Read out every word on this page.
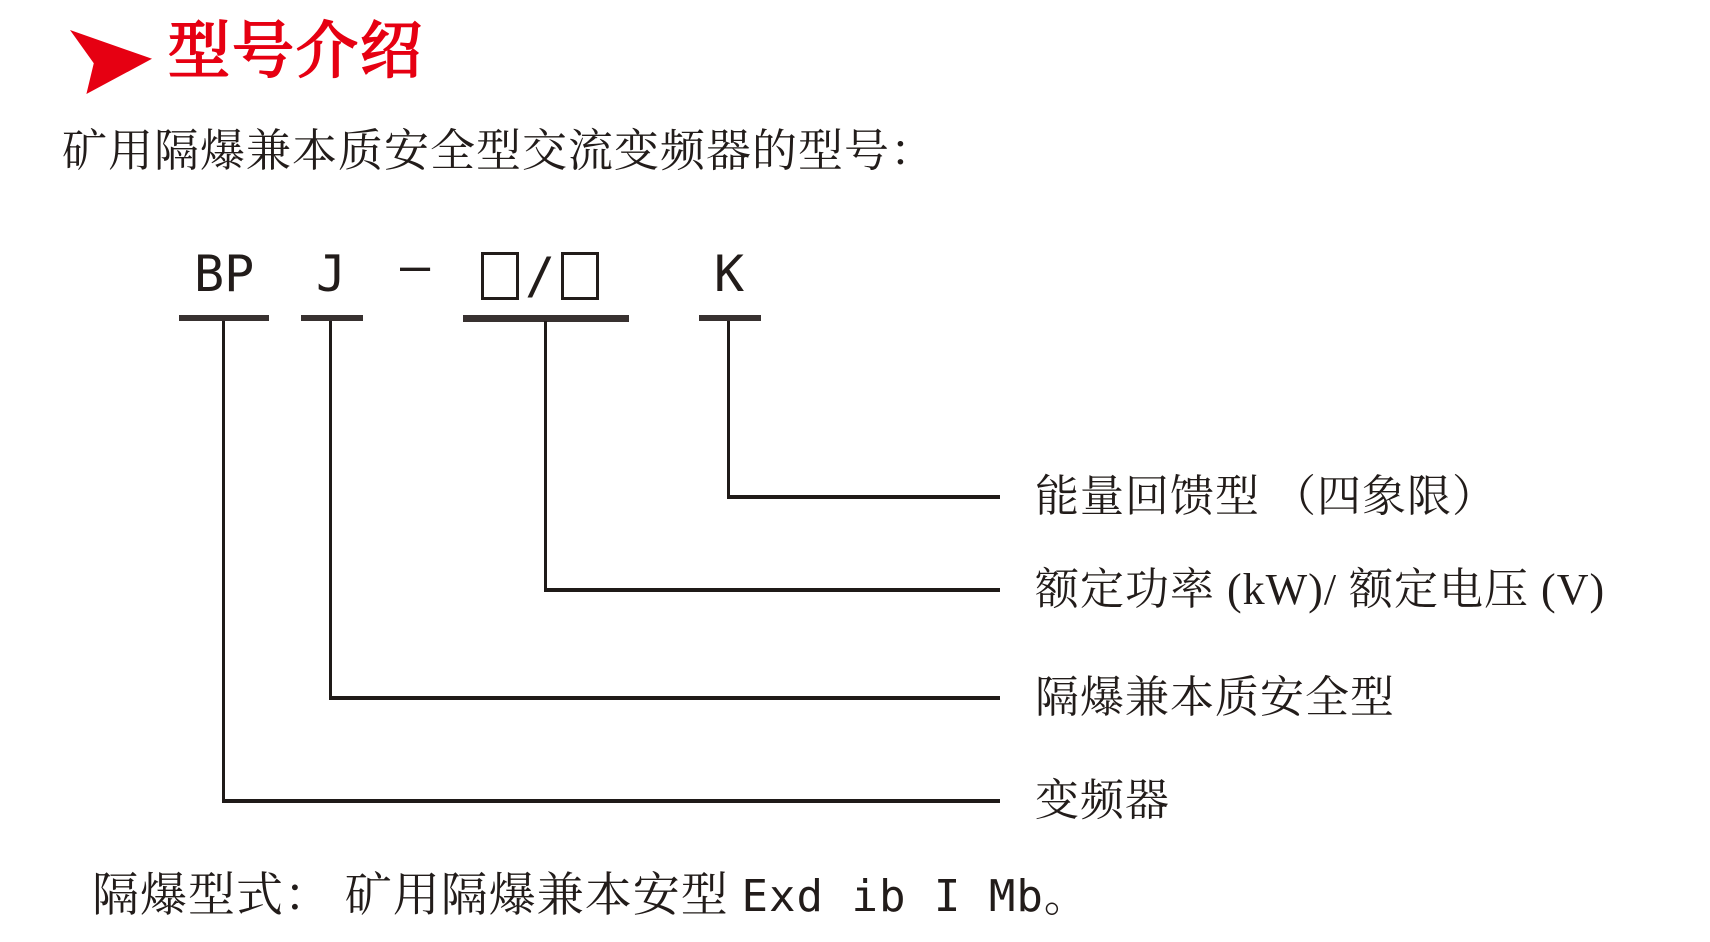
型号介绍
矿用隔爆兼本质安全型交流变频器的型号：
BP J – /	K
能量回馈型 （四象限）
额定功率 (kW)/ 额定电压 (V)
隔爆兼本质安全型
变频器
隔爆型式： 矿用隔爆兼本安型 Exd ib I Mb。
